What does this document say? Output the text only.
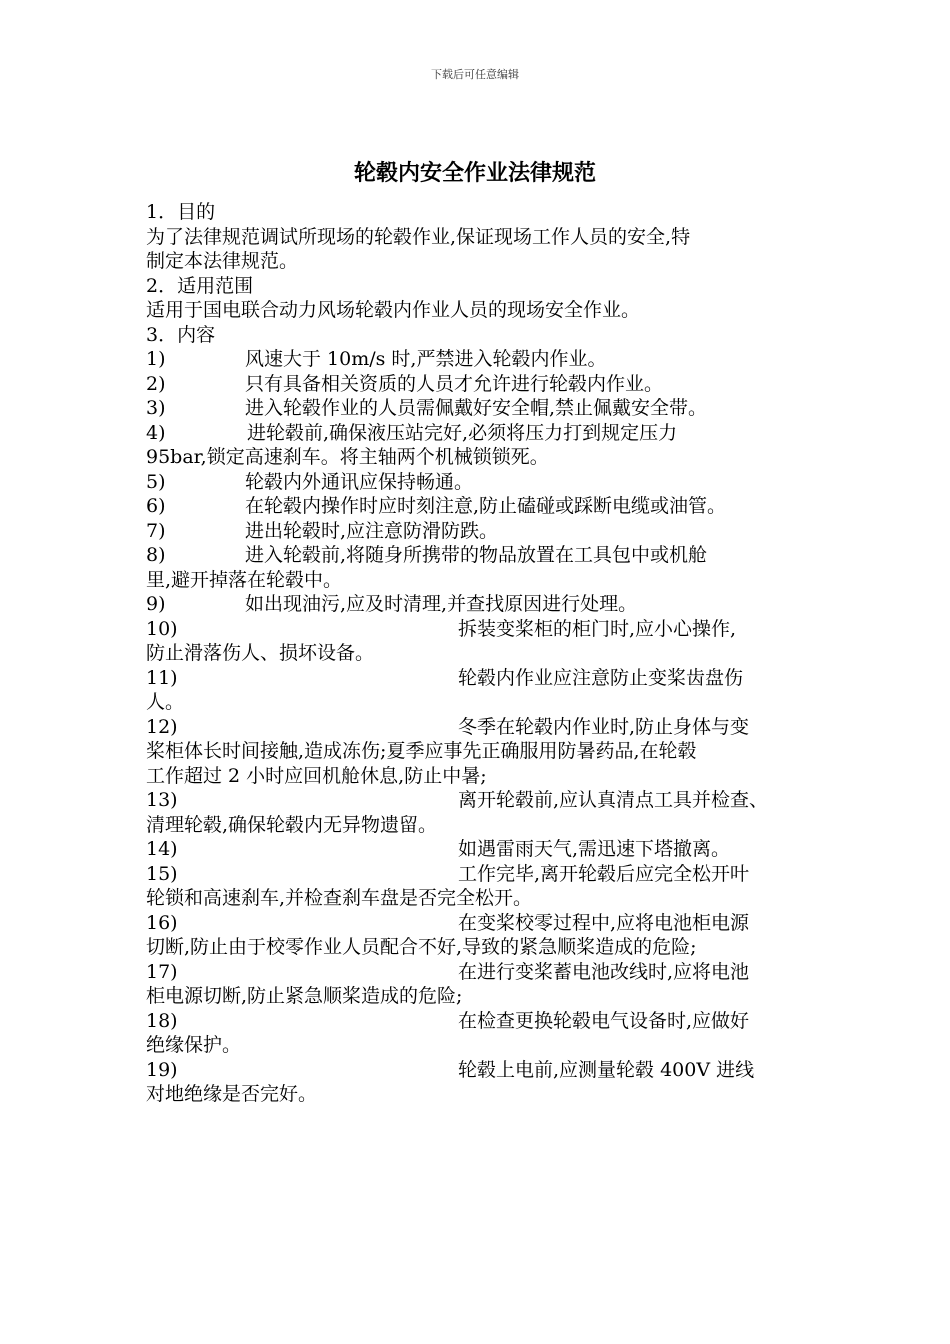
下载后可任意编辑
轮毂内安全作业法律规范
1．目的
为了法律规范调试所现场的轮毂作业,保证现场工作人员的安全,特
制定本法律规范。
2．适用范围
适用于国电联合动力风场轮毂内作业人员的现场安全作业。
3．内容
1)	风速大于 10m/s 时,严禁进入轮毂内作业。
2)	只有具备相关资质的人员才允许进行轮毂内作业。
3)	进入轮毂作业的人员需佩戴好安全帽,禁止佩戴安全带。
4)	进轮毂前,确保液压站完好,必须将压力打到规定压力
95bar,锁定高速刹车。将主轴两个机械锁锁死。
5)	轮毂内外通讯应保持畅通。
6)	在轮毂内操作时应时刻注意,防止磕碰或踩断电缆或油管。
7)	进出轮毂时,应注意防滑防跌。
8)	进入轮毂前,将随身所携带的物品放置在工具包中或机舱
里,避开掉落在轮毂中。
9)	如出现油污,应及时清理,并查找原因进行处理。
10)	拆装变桨柜的柜门时,应小心操作,
防止滑落伤人、损坏设备。
11)	轮毂内作业应注意防止变桨齿盘伤
人。
12)	冬季在轮毂内作业时,防止身体与变
桨柜体长时间接触,造成冻伤;夏季应事先正确服用防暑药品,在轮毂
工作超过 2 小时应回机舱休息,防止中暑;
13)	离开轮毂前,应认真清点工具并检查、
清理轮毂,确保轮毂内无异物遗留。
14)	如遇雷雨天气,需迅速下塔撤离。
15)	工作完毕,离开轮毂后应完全松开叶
轮锁和高速刹车,并检查刹车盘是否完全松开。
16)	在变桨校零过程中,应将电池柜电源
切断,防止由于校零作业人员配合不好,导致的紧急顺桨造成的危险;
17)	在进行变桨蓄电池改线时,应将电池
柜电源切断,防止紧急顺桨造成的危险;
18)	在检查更换轮毂电气设备时,应做好
绝缘保护。
19)	轮毂上电前,应测量轮毂 400V 进线
对地绝缘是否完好。
